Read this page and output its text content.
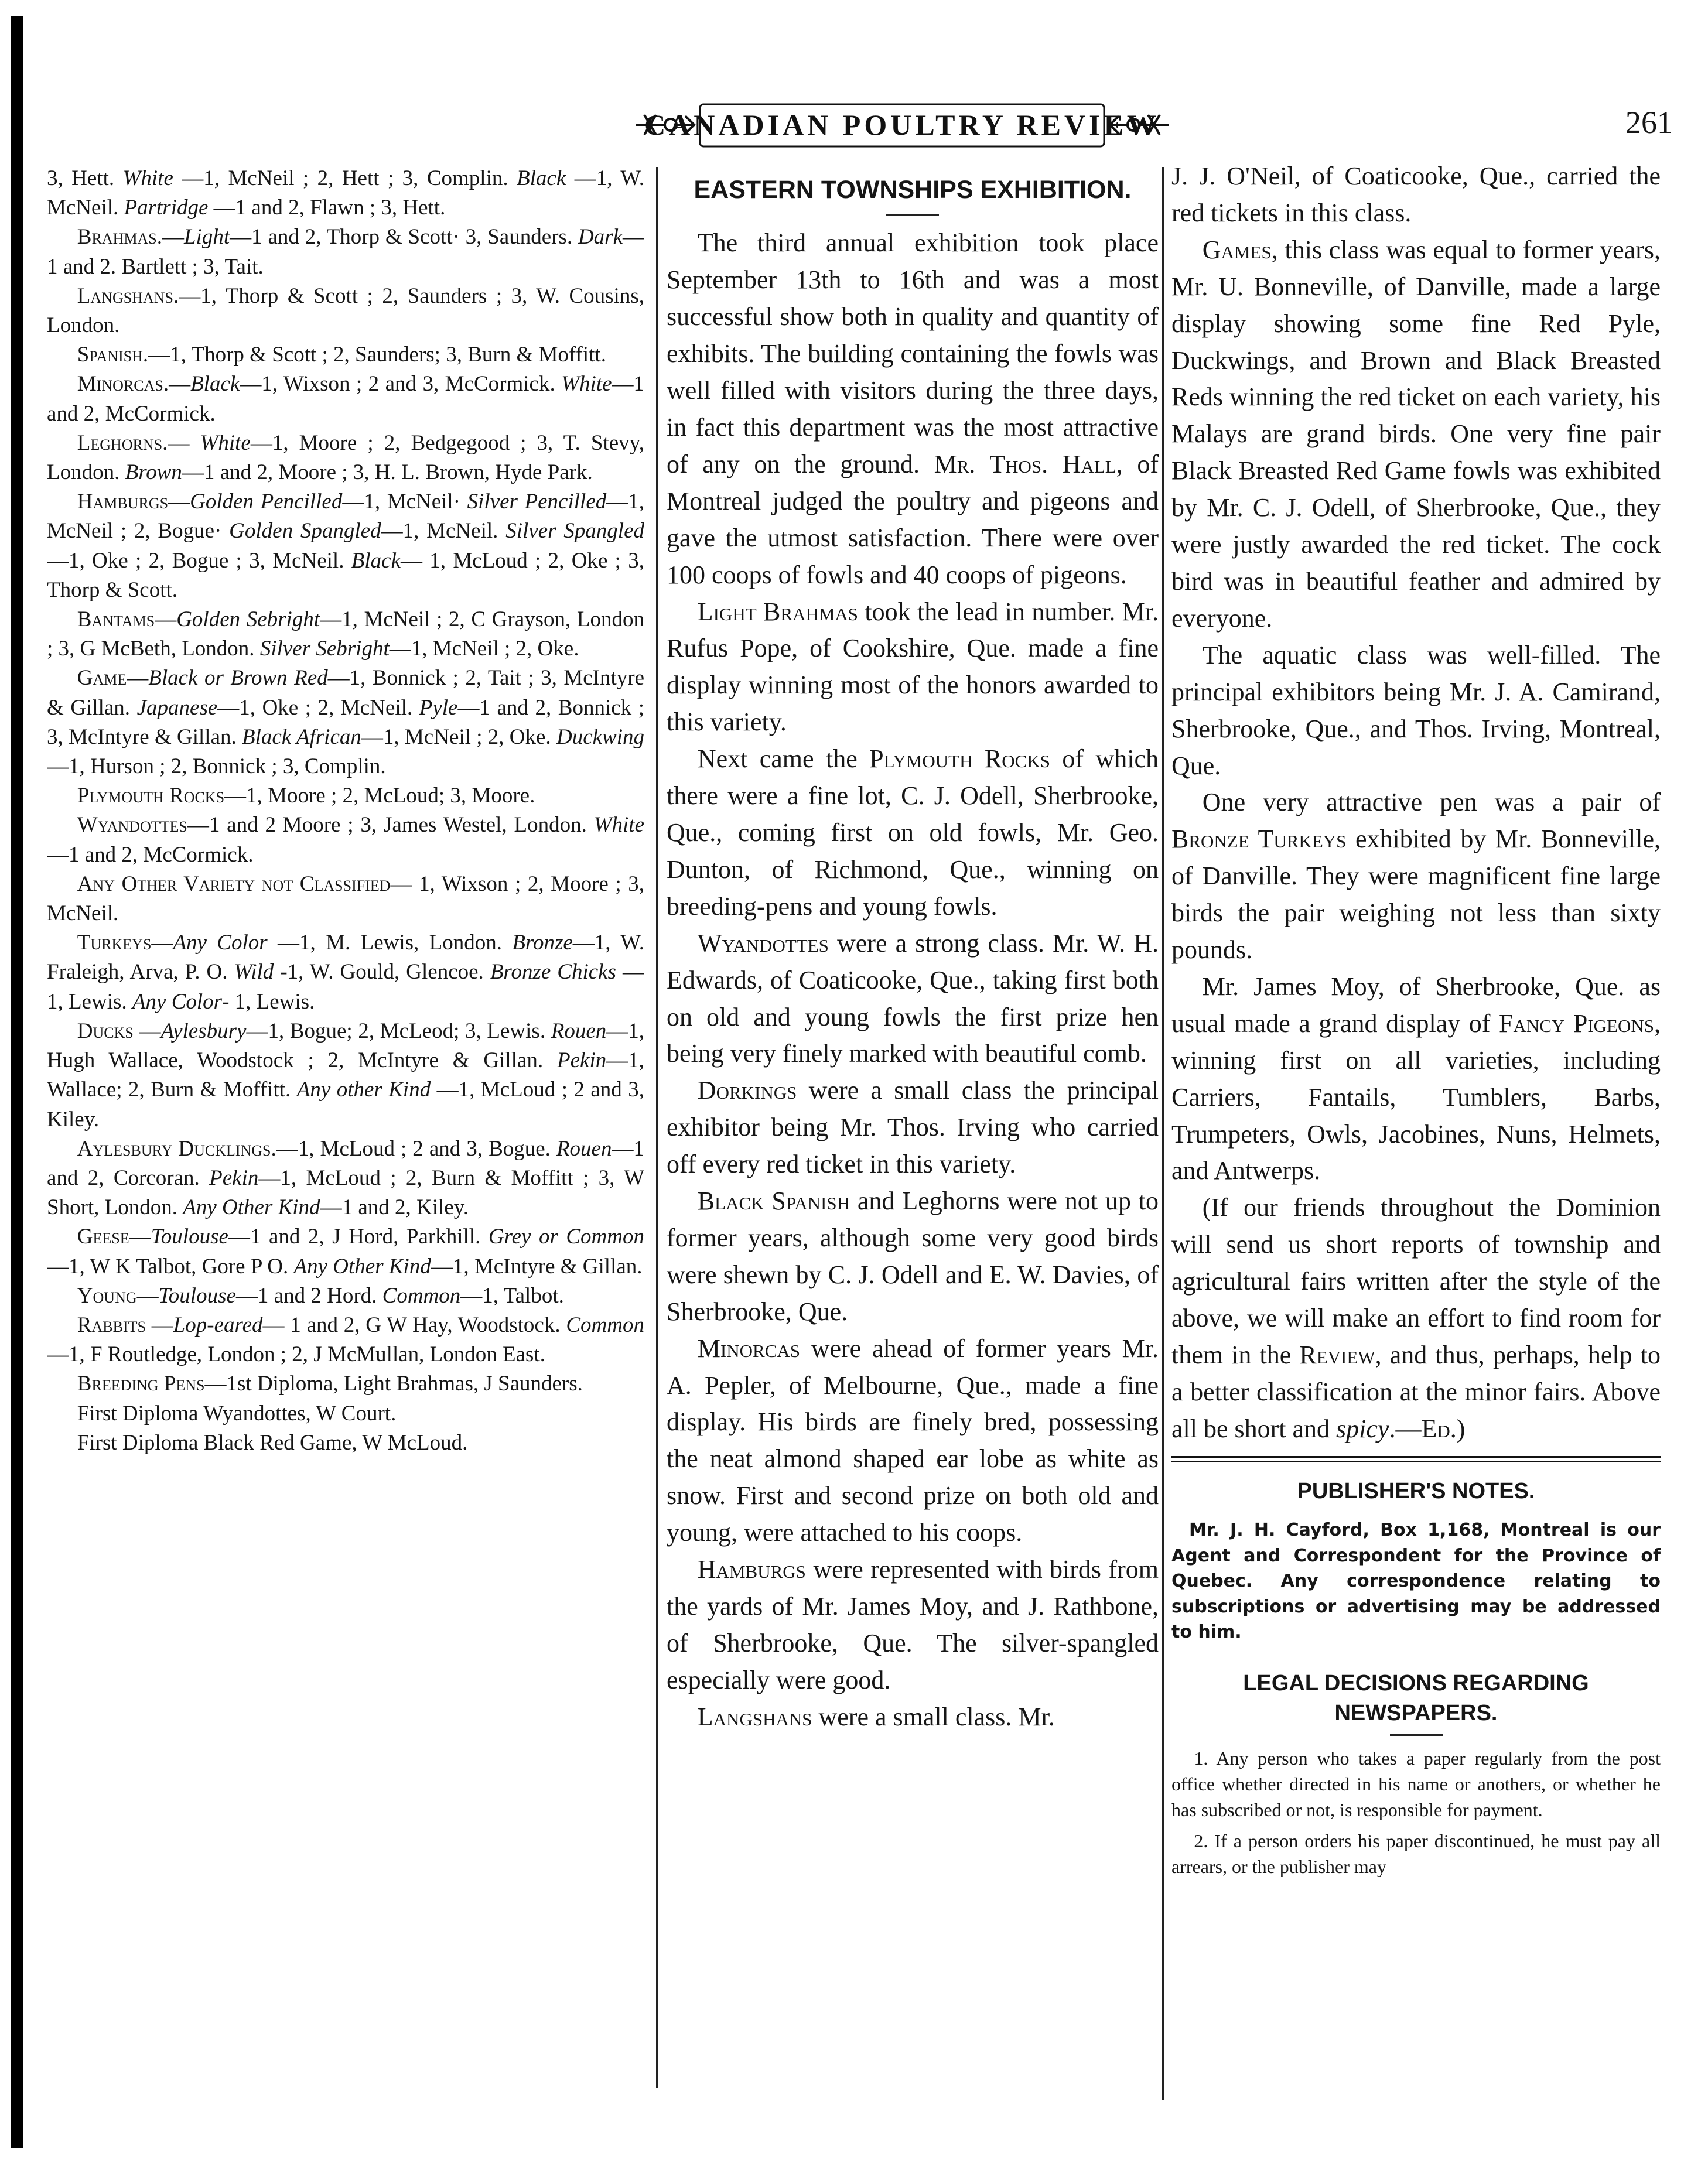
CANADIAN POULTRY REVIEW	261

3, Hett. White —1, McNeil ; 2, Hett ; 3, Complin. Black —1, W. McNeil. Partridge —1 and 2, Flawn ; 3, Hett.

Brahmas.—Light—1 and 2, Thorp & Scott· 3, Saunders. Dark—1 and 2. Bartlett ; 3, Tait.

Langshans.—1, Thorp & Scott ; 2, Saunders ; 3, W. Cousins, London.

Spanish.—1, Thorp & Scott ; 2, Saunders; 3, Burn & Moffitt.

Minorcas.—Black—1, Wixson ; 2 and 3, McCormick. White—1 and 2, McCormick.

Leghorns.— White—1, Moore ; 2, Bedgegood ; 3, T. Stevy, London. Brown—1 and 2, Moore ; 3, H. L. Brown, Hyde Park.

Hamburgs—Golden Pencilled—1, McNeil· Silver Pencilled—1, McNeil ; 2, Bogue· Golden Spangled—1, McNeil. Silver Spangled —1, Oke ; 2, Bogue ; 3, McNeil. Black— 1, McLoud ; 2, Oke ; 3, Thorp & Scott.

Bantams—Golden Sebright—1, McNeil ; 2, C Grayson, London ; 3, G McBeth, London. Silver Sebright—1, McNeil ; 2, Oke.

Game—Black or Brown Red—1, Bonnick ; 2, Tait ; 3, McIntyre & Gillan. Japanese—1, Oke ; 2, McNeil. Pyle—1 and 2, Bonnick ; 3, McIntyre & Gillan. Black African—1, McNeil ; 2, Oke. Duckwing—1, Hurson ; 2, Bonnick ; 3, Complin.

Plymouth Rocks—1, Moore ; 2, McLoud; 3, Moore.

Wyandottes—1 and 2 Moore ; 3, James Westel, London. White —1 and 2, McCormick.

Any Other Variety not Classified— 1, Wixson ; 2, Moore ; 3, McNeil.

Turkeys—Any Color —1, M. Lewis, London. Bronze—1, W. Fraleigh, Arva, P. O. Wild -1, W. Gould, Glencoe. Bronze Chicks —1, Lewis. Any Color- 1, Lewis.

Ducks —Aylesbury—1, Bogue; 2, McLeod; 3, Lewis. Rouen—1, Hugh Wallace, Woodstock ; 2, McIntyre & Gillan. Pekin—1, Wallace; 2, Burn & Moffitt. Any other Kind —1, McLoud ; 2 and 3, Kiley.

Aylesbury Ducklings.—1, McLoud ; 2 and 3, Bogue. Rouen—1 and 2, Corcoran. Pekin—1, McLoud ; 2, Burn & Moffitt ; 3, W Short, London. Any Other Kind—1 and 2, Kiley.

Geese—Toulouse—1 and 2, J Hord, Parkhill. Grey or Common —1, W K Talbot, Gore P O. Any Other Kind—1, McIntyre & Gillan.

Young—Toulouse—1 and 2 Hord. Common—1, Talbot.

Rabbits —Lop-eared— 1 and 2, G W Hay, Woodstock. Common —1, F Routledge, London ; 2, J McMullan, London East.

Breeding Pens—1st Diploma, Light Brahmas, J Saunders.

First Diploma Wyandottes, W Court.

First Diploma Black Red Game, W McLoud.

EASTERN TOWNSHIPS EXHIBITION.

The third annual exhibition took place September 13th to 16th and was a most successful show both in quality and quantity of exhibits. The building containing the fowls was well filled with visitors during the three days, in fact this department was the most attractive of any on the ground. Mr. Thos. Hall, of Montreal judged the poultry and pigeons and gave the utmost satisfaction. There were over 100 coops of fowls and 40 coops of pigeons.

Light Brahmas took the lead in number. Mr. Rufus Pope, of Cookshire, Que. made a fine display winning most of the honors awarded to this variety.

Next came the Plymouth Rocks of which there were a fine lot, C. J. Odell, Sherbrooke, Que., coming first on old fowls, Mr. Geo. Dunton, of Richmond, Que., winning on breeding-pens and young fowls.

Wyandottes were a strong class. Mr. W. H. Edwards, of Coaticooke, Que., taking first both on old and young fowls the first prize hen being very finely marked with beautiful comb.

Dorkings were a small class the principal exhibitor being Mr. Thos. Irving who carried off every red ticket in this variety.

Black Spanish and Leghorns were not up to former years, although some very good birds were shewn by C. J. Odell and E. W. Davies, of Sherbrooke, Que.

Minorcas were ahead of former years Mr. A. Pepler, of Melbourne, Que., made a fine display. His birds are finely bred, possessing the neat almond shaped ear lobe as white as snow. First and second prize on both old and young, were attached to his coops.

Hamburgs were represented with birds from the yards of Mr. James Moy, and J. Rathbone, of Sherbrooke, Que. The silver-spangled especially were good.

Langshans were a small class. Mr.

J. J. O'Neil, of Coaticooke, Que., carried the red tickets in this class.

Games, this class was equal to former years, Mr. U. Bonneville, of Danville, made a large display showing some fine Red Pyle, Duckwings, and Brown and Black Breasted Reds winning the red ticket on each variety, his Malays are grand birds. One very fine pair Black Breasted Red Game fowls was exhibited by Mr. C. J. Odell, of Sherbrooke, Que., they were justly awarded the red ticket. The cock bird was in beautiful feather and admired by everyone.

The aquatic class was well-filled. The principal exhibitors being Mr. J. A. Camirand, Sherbrooke, Que., and Thos. Irving, Montreal, Que.

One very attractive pen was a pair of Bronze Turkeys exhibited by Mr. Bonneville, of Danville. They were magnificent fine large birds the pair weighing not less than sixty pounds.

Mr. James Moy, of Sherbrooke, Que. as usual made a grand display of Fancy Pigeons, winning first on all varieties, including Carriers, Fantails, Tumblers, Barbs, Trumpeters, Owls, Jacobines, Nuns, Helmets, and Antwerps.

(If our friends throughout the Dominion will send us short reports of township and agricultural fairs written after the style of the above, we will make an effort to find room for them in the Review, and thus, perhaps, help to a better classification at the minor fairs. Above all be short and spicy.—Ed.)

PUBLISHER'S NOTES.

Mr. J. H. Cayford, Box 1,168, Montreal is our Agent and Correspondent for the Province of Quebec. Any correspondence relating to subscriptions or advertising may be addressed to him.

LEGAL DECISIONS REGARDING NEWSPAPERS.

1. Any person who takes a paper regularly from the post office whether directed in his name or anothers, or whether he has subscribed or not, is responsible for payment.

2. If a person orders his paper discontinued, he must pay all arrears, or the publisher may
